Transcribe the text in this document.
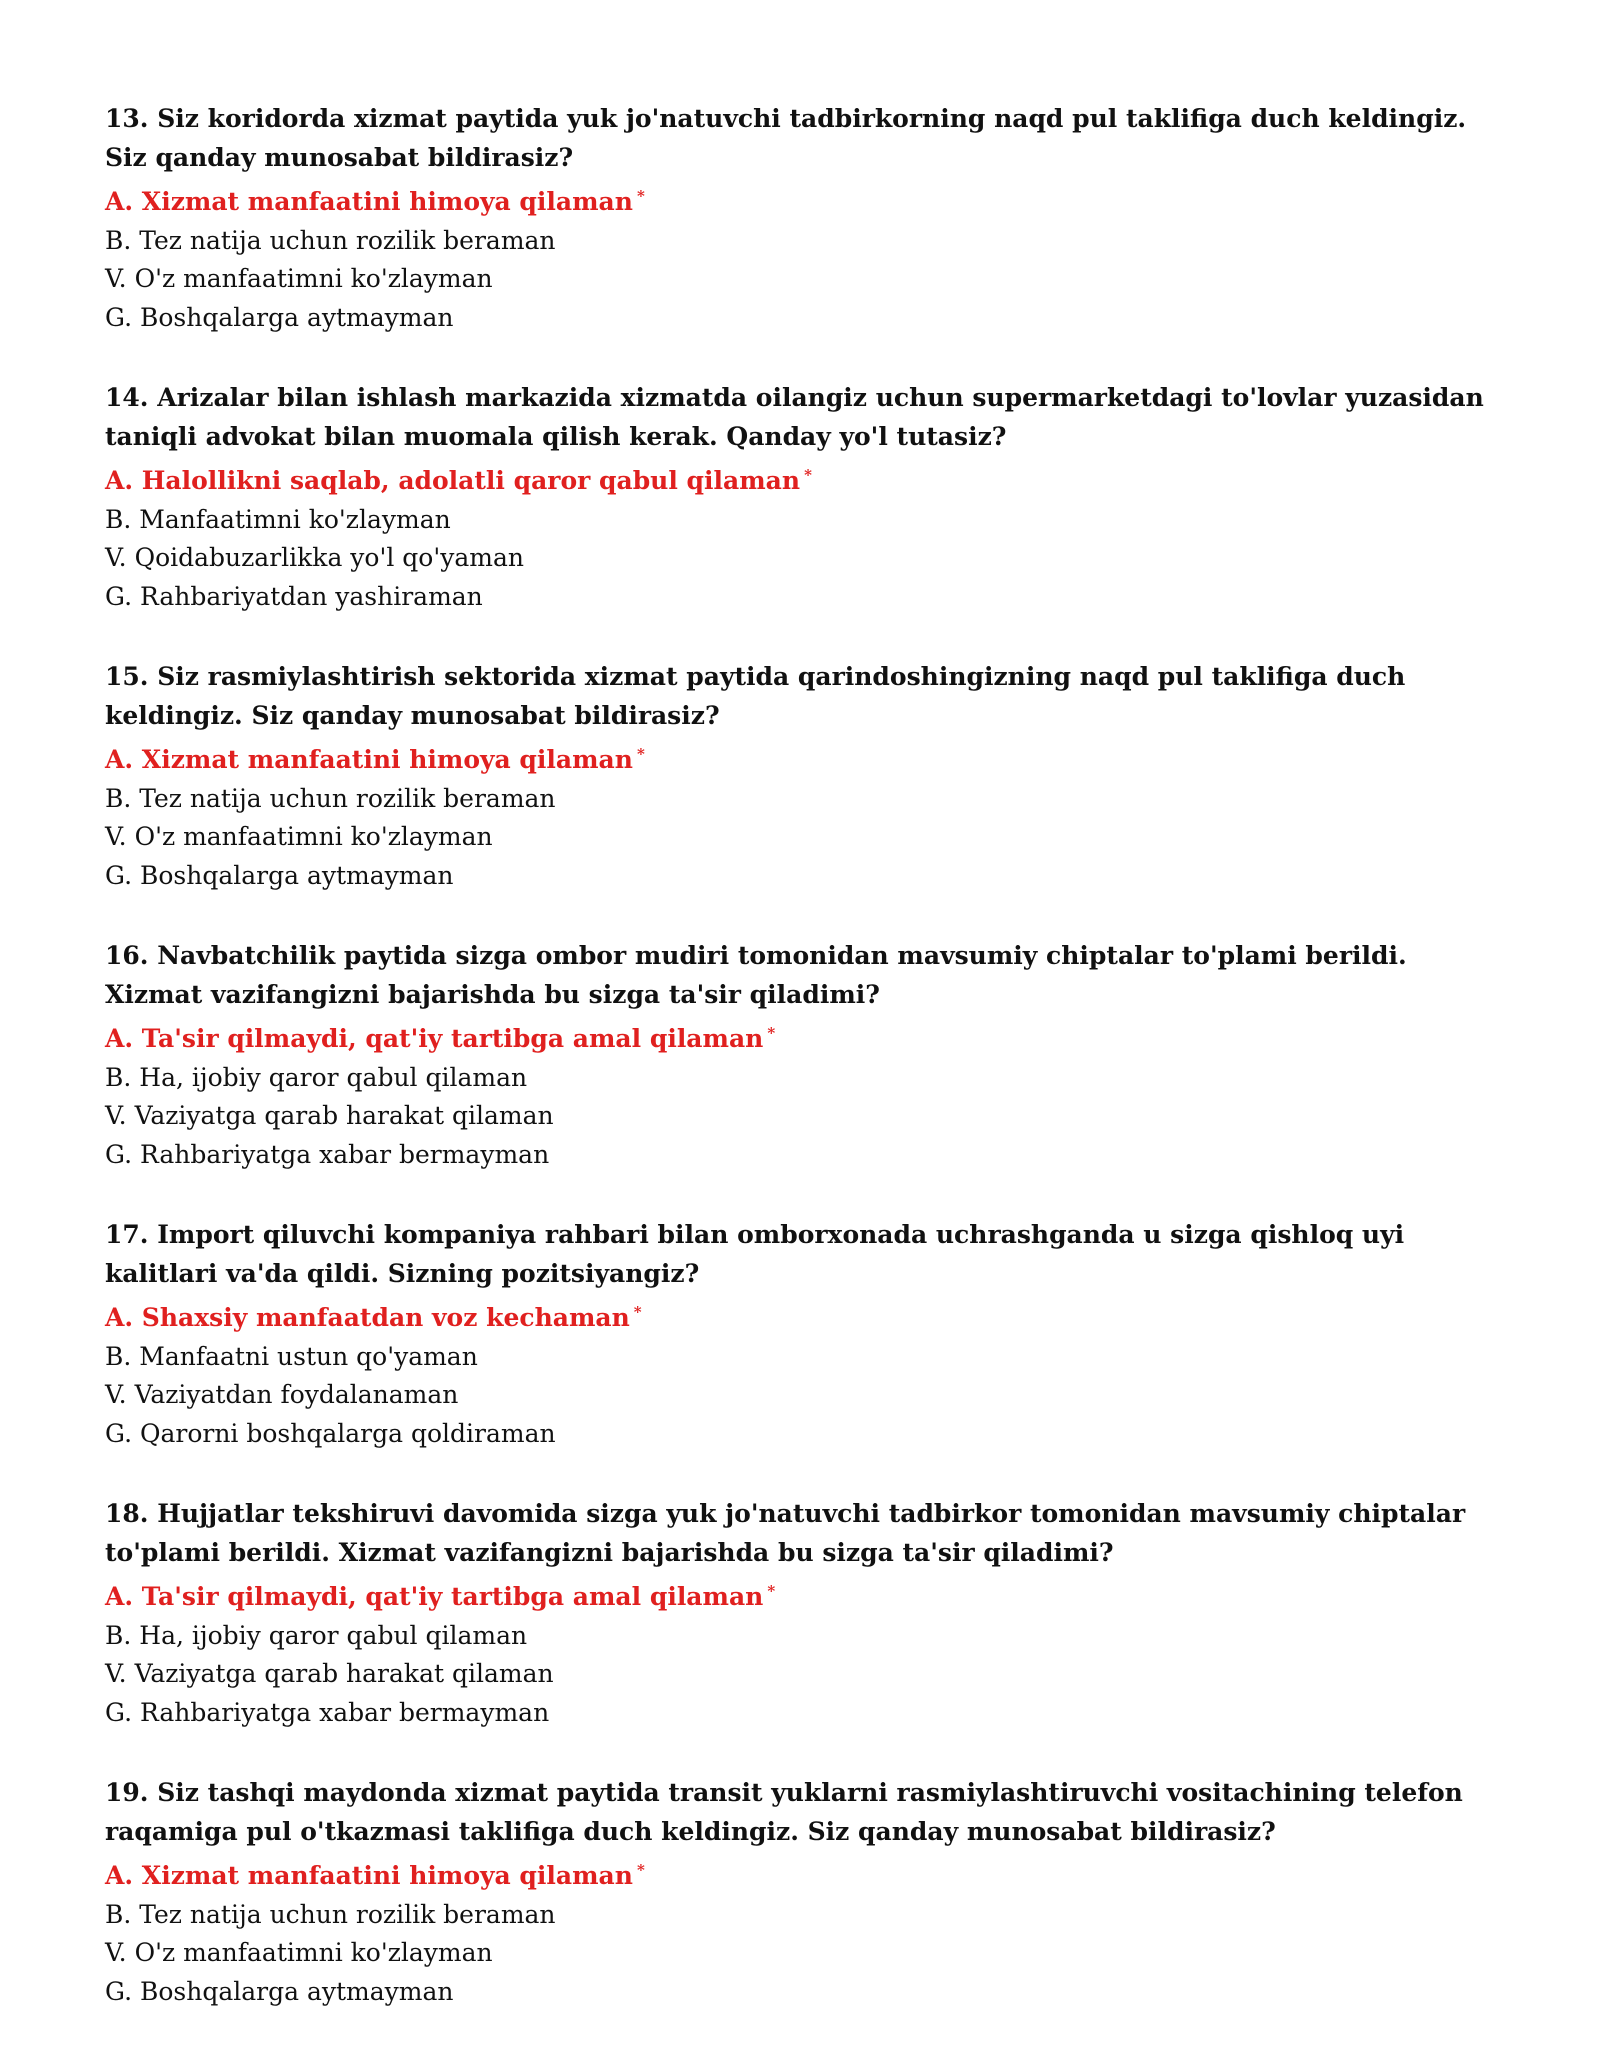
13. Siz koridorda xizmat paytida yuk jo'natuvchi tadbirkorning naqd pul taklifiga duch keldingiz. Siz qanday munosabat bildirasiz?

A. Xizmat manfaatini himoya qilaman *

B. Tez natija uchun rozilik beraman

V. O'z manfaatimni ko'zlayman

G. Boshqalarga aytmayman

14. Arizalar bilan ishlash markazida xizmatda oilangiz uchun supermarketdagi to'lovlar yuzasidan taniqli advokat bilan muomala qilish kerak. Qanday yo'l tutasiz?

A. Halollikni saqlab, adolatli qaror qabul qilaman *

B. Manfaatimni ko'zlayman

V. Qoidabuzarlikka yo'l qo'yaman

G. Rahbariyatdan yashiraman

15. Siz rasmiylashtirish sektorida xizmat paytida qarindoshingizning naqd pul taklifiga duch keldingiz. Siz qanday munosabat bildirasiz?

A. Xizmat manfaatini himoya qilaman *

B. Tez natija uchun rozilik beraman

V. O'z manfaatimni ko'zlayman

G. Boshqalarga aytmayman

16. Navbatchilik paytida sizga ombor mudiri tomonidan mavsumiy chiptalar to'plami berildi. Xizmat vazifangizni bajarishda bu sizga ta'sir qiladimi?

A. Ta'sir qilmaydi, qat'iy tartibga amal qilaman *

B. Ha, ijobiy qaror qabul qilaman

V. Vaziyatga qarab harakat qilaman

G. Rahbariyatga xabar bermayman

17. Import qiluvchi kompaniya rahbari bilan omborxonada uchrashganda u sizga qishloq uyi kalitlari va'da qildi. Sizning pozitsiyangiz?

A. Shaxsiy manfaatdan voz kechaman *

B. Manfaatni ustun qo'yaman

V. Vaziyatdan foydalanaman

G. Qarorni boshqalarga qoldiraman

18. Hujjatlar tekshiruvi davomida sizga yuk jo'natuvchi tadbirkor tomonidan mavsumiy chiptalar to'plami berildi. Xizmat vazifangizni bajarishda bu sizga ta'sir qiladimi?

A. Ta'sir qilmaydi, qat'iy tartibga amal qilaman *

B. Ha, ijobiy qaror qabul qilaman

V. Vaziyatga qarab harakat qilaman

G. Rahbariyatga xabar bermayman

19. Siz tashqi maydonda xizmat paytida transit yuklarni rasmiylashtiruvchi vositachining telefon raqamiga pul o'tkazmasi taklifiga duch keldingiz. Siz qanday munosabat bildirasiz?

A. Xizmat manfaatini himoya qilaman *

B. Tez natija uchun rozilik beraman

V. O'z manfaatimni ko'zlayman

G. Boshqalarga aytmayman
